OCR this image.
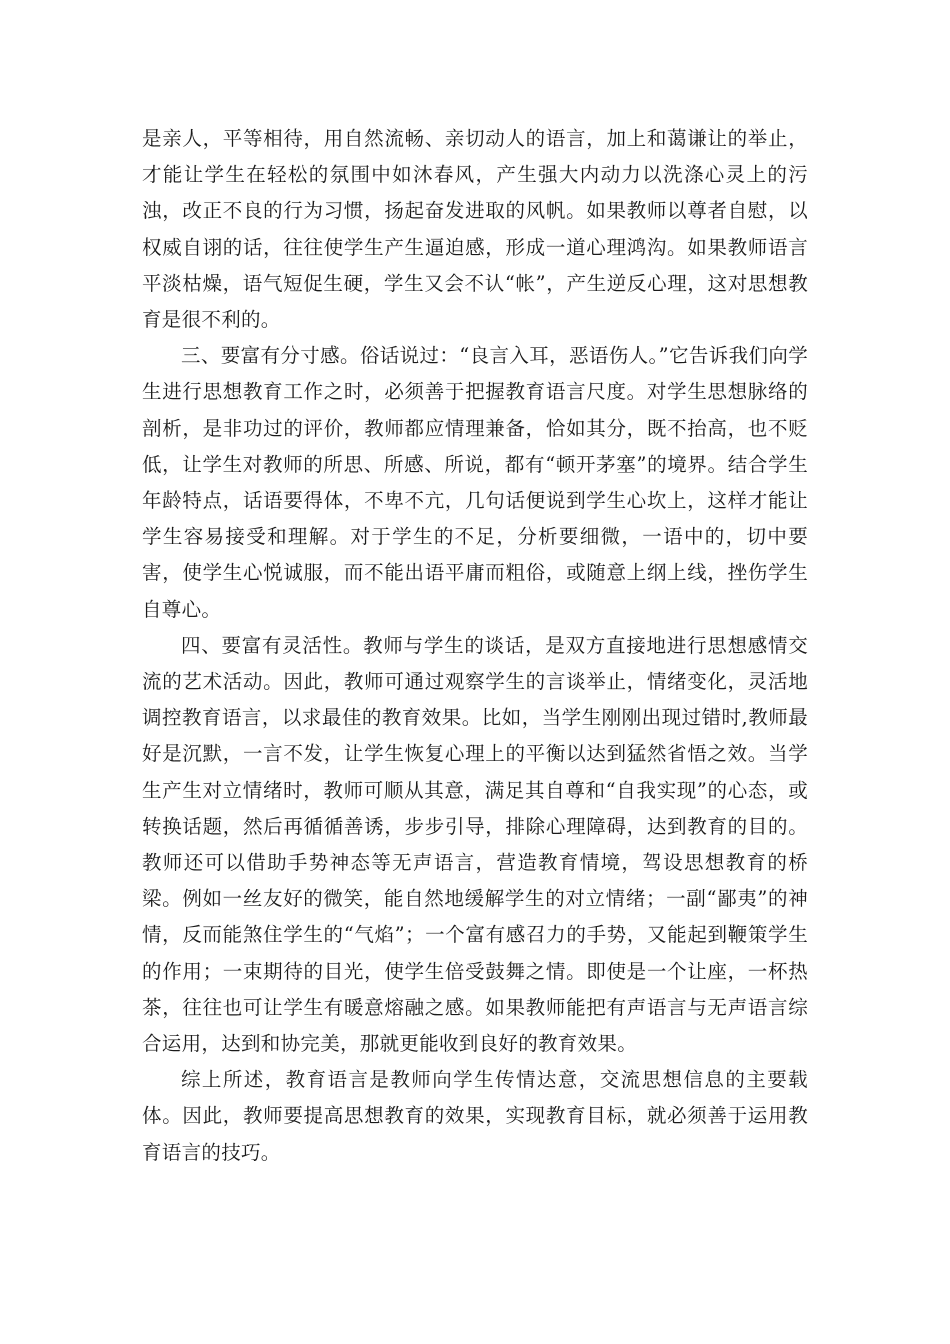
是亲人，平等相待，用自然流畅、亲切动人的语言，加上和蔼谦让的举止，才能让学生在轻松的氛围中如沐春风，产生强大内动力以洗涤心灵上的污浊，改正不良的行为习惯，扬起奋发进取的风帆。如果教师以尊者自慰，以权威自诩的话，往往使学生产生逼迫感，形成一道心理鸿沟。如果教师语言平淡枯燥，语气短促生硬，学生又会不认“帐”，产生逆反心理，这对思想教育是很不利的。

三、要富有分寸感。俗话说过：“良言入耳，恶语伤人。”它告诉我们向学生进行思想教育工作之时，必须善于把握教育语言尺度。对学生思想脉络的剖析，是非功过的评价，教师都应情理兼备，恰如其分，既不抬高，也不贬低，让学生对教师的所思、所感、所说，都有“顿开茅塞”的境界。结合学生年龄特点，话语要得体，不卑不亢，几句话便说到学生心坎上，这样才能让学生容易接受和理解。对于学生的不足，分析要细微，一语中的，切中要害，使学生心悦诚服，而不能出语平庸而粗俗，或随意上纲上线，挫伤学生自尊心。

四、要富有灵活性。教师与学生的谈话，是双方直接地进行思想感情交流的艺术活动。因此，教师可通过观察学生的言谈举止，情绪变化，灵活地调控教育语言，以求最佳的教育效果。比如，当学生刚刚出现过错时,教师最好是沉默，一言不发，让学生恢复心理上的平衡以达到猛然省悟之效。当学生产生对立情绪时，教师可顺从其意，满足其自尊和“自我实现”的心态，或转换话题，然后再循循善诱，步步引导，排除心理障碍，达到教育的目的。教师还可以借助手势神态等无声语言，营造教育情境，驾设思想教育的桥梁。例如一丝友好的微笑，能自然地缓解学生的对立情绪；一副“鄙夷”的神情，反而能煞住学生的“气焰”；一个富有感召力的手势，又能起到鞭策学生的作用；一束期待的目光，使学生倍受鼓舞之情。即使是一个让座，一杯热茶，往往也可让学生有暖意熔融之感。如果教师能把有声语言与无声语言综合运用，达到和协完美，那就更能收到良好的教育效果。

综上所述，教育语言是教师向学生传情达意，交流思想信息的主要载体。因此，教师要提高思想教育的效果，实现教育目标，就必须善于运用教育语言的技巧。
